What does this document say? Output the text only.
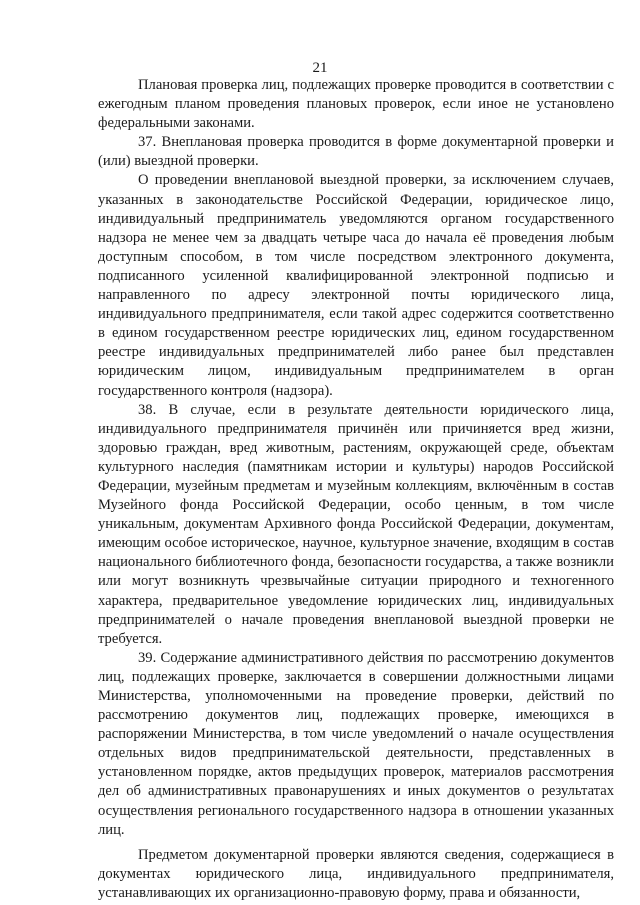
21

Плановая проверка лиц, подлежащих проверке проводится в соответствии с ежегодным планом проведения плановых проверок, если иное не установлено федеральными законами.

37. Внеплановая проверка проводится в форме документарной проверки и (или) выездной проверки.

О проведении внеплановой выездной проверки, за исключением случаев, указанных в законодательстве Российской Федерации, юридическое лицо, индивидуальный предприниматель уведомляются органом государственного надзора не менее чем за двадцать четыре часа до начала её проведения любым доступным способом, в том числе посредством электронного документа, подписанного усиленной квалифицированной электронной подписью и направленного по адресу электронной почты юридического лица, индивидуального предпринимателя, если такой адрес содержится соответственно в едином государственном реестре юридических лиц, едином государственном реестре индивидуальных предпринимателей либо ранее был представлен юридическим лицом, индивидуальным предпринимателем в орган государственного контроля (надзора).

38. В случае, если в результате деятельности юридического лица, индивидуального предпринимателя причинён или причиняется вред жизни, здоровью граждан, вред животным, растениям, окружающей среде, объектам культурного наследия (памятникам истории и культуры) народов Российской Федерации, музейным предметам и музейным коллекциям, включённым в состав Музейного фонда Российской Федерации, особо ценным, в том числе уникальным, документам Архивного фонда Российской Федерации, документам, имеющим особое историческое, научное, культурное значение, входящим в состав национального библиотечного фонда, безопасности государства, а также возникли или могут возникнуть чрезвычайные ситуации природного и техногенного характера, предварительное уведомление юридических лиц, индивидуальных предпринимателей о начале проведения внеплановой выездной проверки не требуется.

39. Содержание административного действия по рассмотрению документов лиц, подлежащих проверке, заключается в совершении должностными лицами Министерства, уполномоченными на проведение проверки, действий по рассмотрению документов лиц, подлежащих проверке, имеющихся в распоряжении Министерства, в том числе уведомлений о начале осуществления отдельных видов предпринимательской деятельности, представленных в установленном порядке, актов предыдущих проверок, материалов рассмотрения дел об административных правонарушениях и иных документов о результатах осуществления регионального государственного надзора в отношении указанных лиц.

Предметом документарной проверки являются сведения, содержащиеся в документах юридического лица, индивидуального предпринимателя, устанавливающих их организационно-правовую форму, права и обязанности,
